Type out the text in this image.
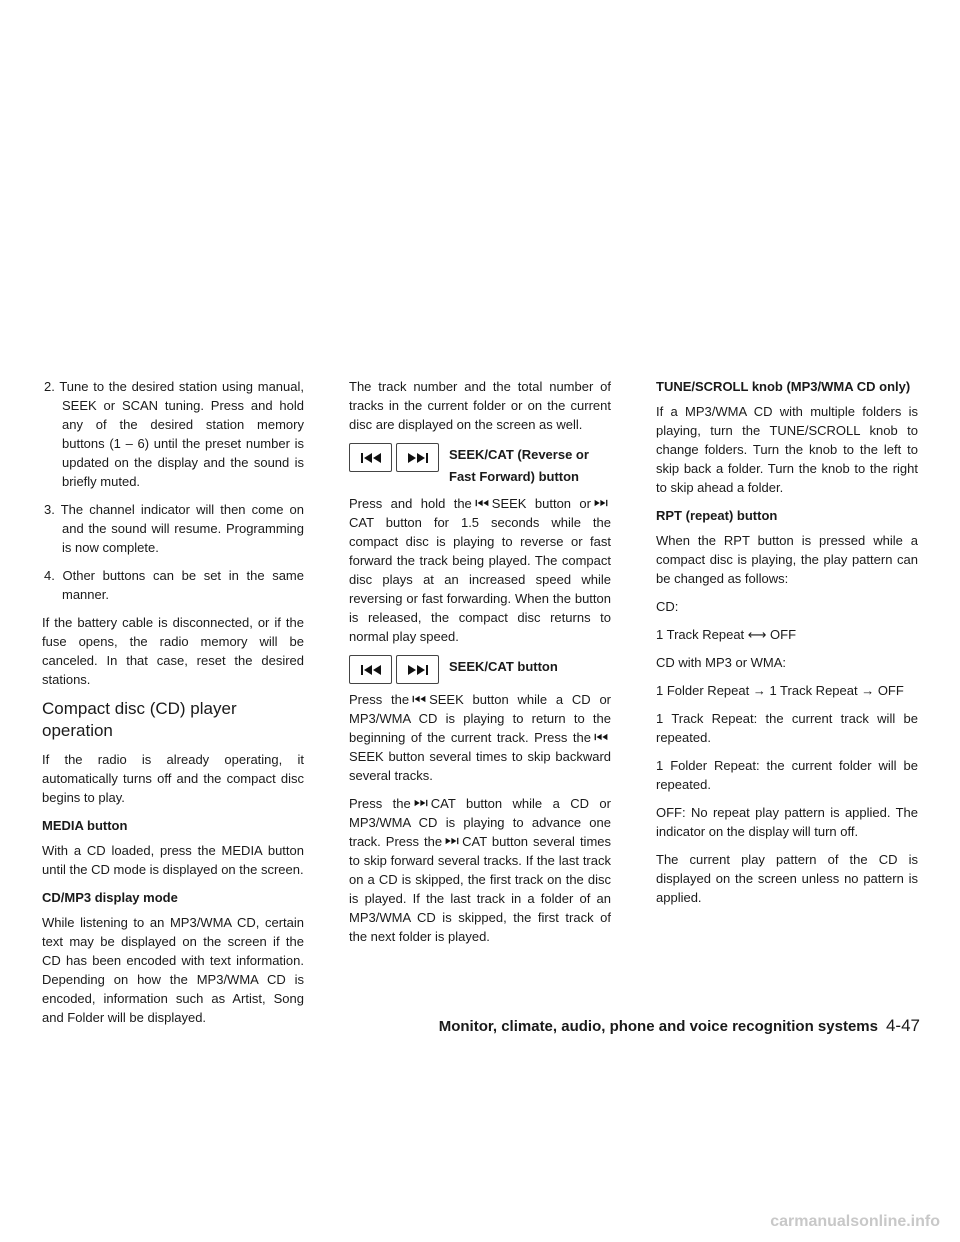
2. Tune to the desired station using manual, SEEK or SCAN tuning. Press and hold any of the desired station memory buttons (1 – 6) until the preset number is updated on the display and the sound is briefly muted.

3. The channel indicator will then come on and the sound will resume. Programming is now complete.

4. Other buttons can be set in the same manner.

If the battery cable is disconnected, or if the fuse opens, the radio memory will be canceled. In that case, reset the desired stations.

Compact disc (CD) player operation

If the radio is already operating, it automatically turns off and the compact disc begins to play.

MEDIA button

With a CD loaded, press the MEDIA button until the CD mode is displayed on the screen.

CD/MP3 display mode

While listening to an MP3/WMA CD, certain text may be displayed on the screen if the CD has been encoded with text information. Depending on how the MP3/WMA CD is encoded, information such as Artist, Song and Folder will be displayed.

The track number and the total number of tracks in the current folder or on the current disc are displayed on the screen as well.

SEEK/CAT (Reverse or
Fast Forward) button

Press and hold the SEEK button or CAT button for 1.5 seconds while the compact disc is playing to reverse or fast forward the track being played. The compact disc plays at an increased speed while reversing or fast forwarding. When the button is released, the compact disc returns to normal play speed.

SEEK/CAT button

Press the SEEK button while a CD or MP3/WMA CD is playing to return to the beginning of the current track. Press theSEEK button several times to skip backward several tracks.

Press the CAT button while a CD or MP3/WMA CD is playing to advance one track. Press the CAT button several times to skip forward several tracks. If the last track on a CD is skipped, the first track on the disc is played. If the last track in a folder of an MP3/WMA CD is skipped, the first track of the next folder is played.

TUNE/SCROLL knob (MP3/WMA CD only)

If a MP3/WMA CD with multiple folders is playing, turn the TUNE/SCROLL knob to change folders. Turn the knob to the left to skip back a folder. Turn the knob to the right to skip ahead a folder.

RPT (repeat) button

When the RPT button is pressed while a compact disc is playing, the play pattern can be changed as follows:

CD:

1 Track Repeat ⟷ OFF

CD with MP3 or WMA:

1 Folder Repeat → 1 Track Repeat → OFF

1 Track Repeat: the current track will be repeated.

1 Folder Repeat: the current folder will be repeated.

OFF: No repeat play pattern is applied. The indicator on the display will turn off.

The current play pattern of the CD is displayed on the screen unless no pattern is applied.

Monitor, climate, audio, phone and voice recognition systems 4-47
carmanualsonline.info
